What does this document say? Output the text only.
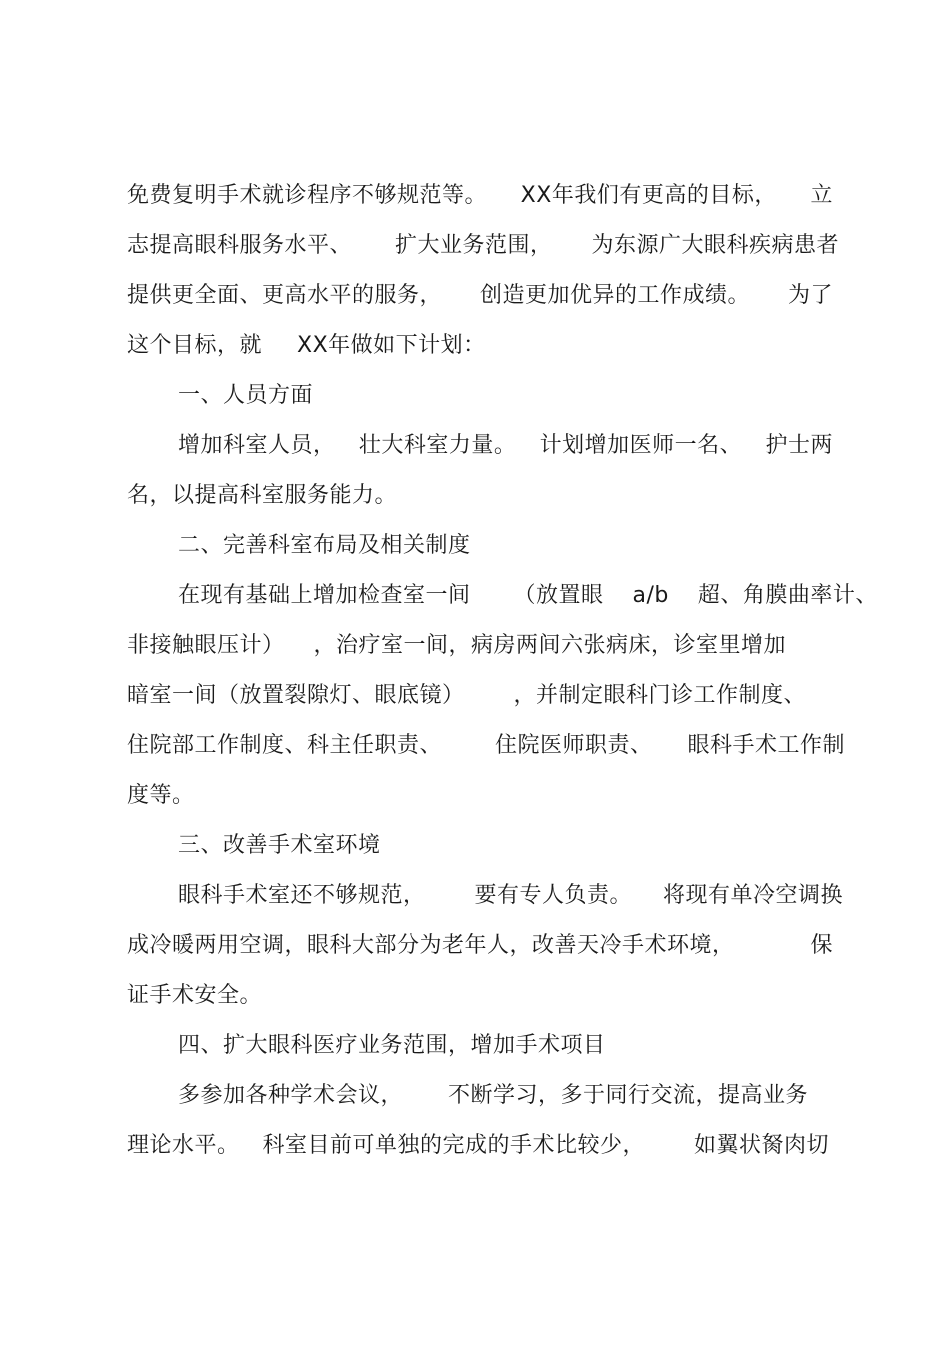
免费复明手术就诊程序不够规范等。 XX年我们有更高的目标， 立
志提高眼科服务水平、 扩大业务范围， 为东源广大眼科疾病患者
提供更全面、更高水平的服务， 创造更加优异的工作成绩。 为了
这个目标，就 XX年做如下计划：
一、人员方面
增加科室人员， 壮大科室力量。 计划增加医师一名、 护士两
名，以提高科室服务能力。
二、完善科室布局及相关制度
在现有基础上增加检查室一间 （放置眼 a/b 超、角膜曲率计、
非接触眼压计） ，治疗室一间，病房两间六张病床，诊室里增加
暗室一间（放置裂隙灯、眼底镜） ，并制定眼科门诊工作制度、
住院部工作制度、科主任职责、 住院医师职责、 眼科手术工作制
度等。
三、改善手术室环境
眼科手术室还不够规范， 要有专人负责。 将现有单冷空调换
成冷暖两用空调，眼科大部分为老年人，改善天冷手术环境，	保
证手术安全。
四、扩大眼科医疗业务范围，增加手术项目
多参加各种学术会议， 不断学习，多于同行交流，提高业务
理论水平。 科室目前可单独的完成的手术比较少， 如翼状胬肉切
